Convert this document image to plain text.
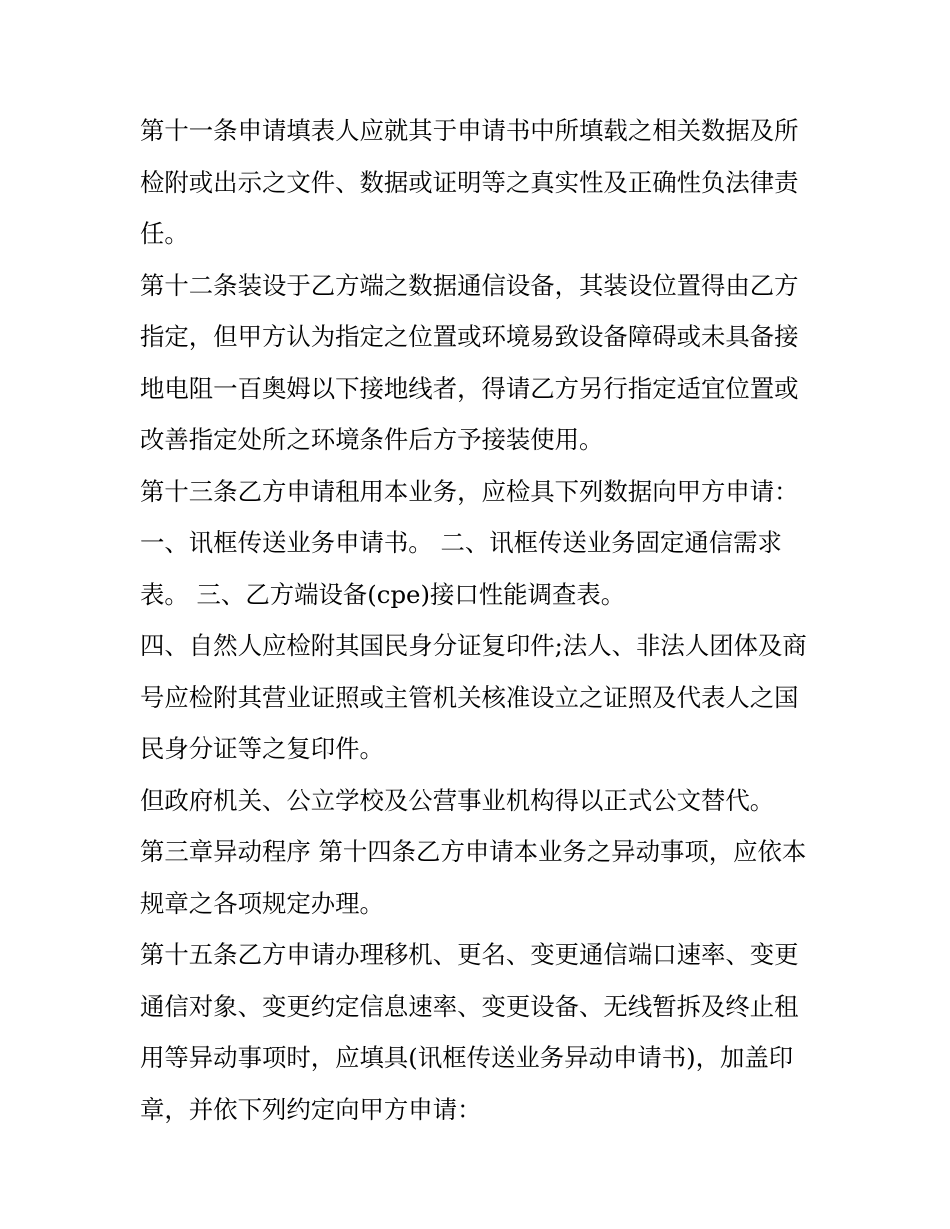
第十一条申请填表人应就其于申请书中所填载之相关数据及所检附或出示之文件、数据或证明等之真实性及正确性负法律责任。

第十二条装设于乙方端之数据通信设备，其装设位置得由乙方指定，但甲方认为指定之位置或环境易致设备障碍或未具备接地电阻一百奥姆以下接地线者，得请乙方另行指定适宜位置或改善指定处所之环境条件后方予接装使用。

第十三条乙方申请租用本业务，应检具下列数据向甲方申请：

一、讯框传送业务申请书。 二、讯框传送业务固定通信需求表。 三、乙方端设备(cpe)接口性能调查表。

四、自然人应检附其国民身分证复印件;法人、非法人团体及商号应检附其营业证照或主管机关核准设立之证照及代表人之国民身分证等之复印件。

但政府机关、公立学校及公营事业机构得以正式公文替代。

第三章异动程序 第十四条乙方申请本业务之异动事项，应依本规章之各项规定办理。

第十五条乙方申请办理移机、更名、变更通信端口速率、变更通信对象、变更约定信息速率、变更设备、无线暂拆及终止租用等异动事项时，应填具(讯框传送业务异动申请书)，加盖印章，并依下列约定向甲方申请：
